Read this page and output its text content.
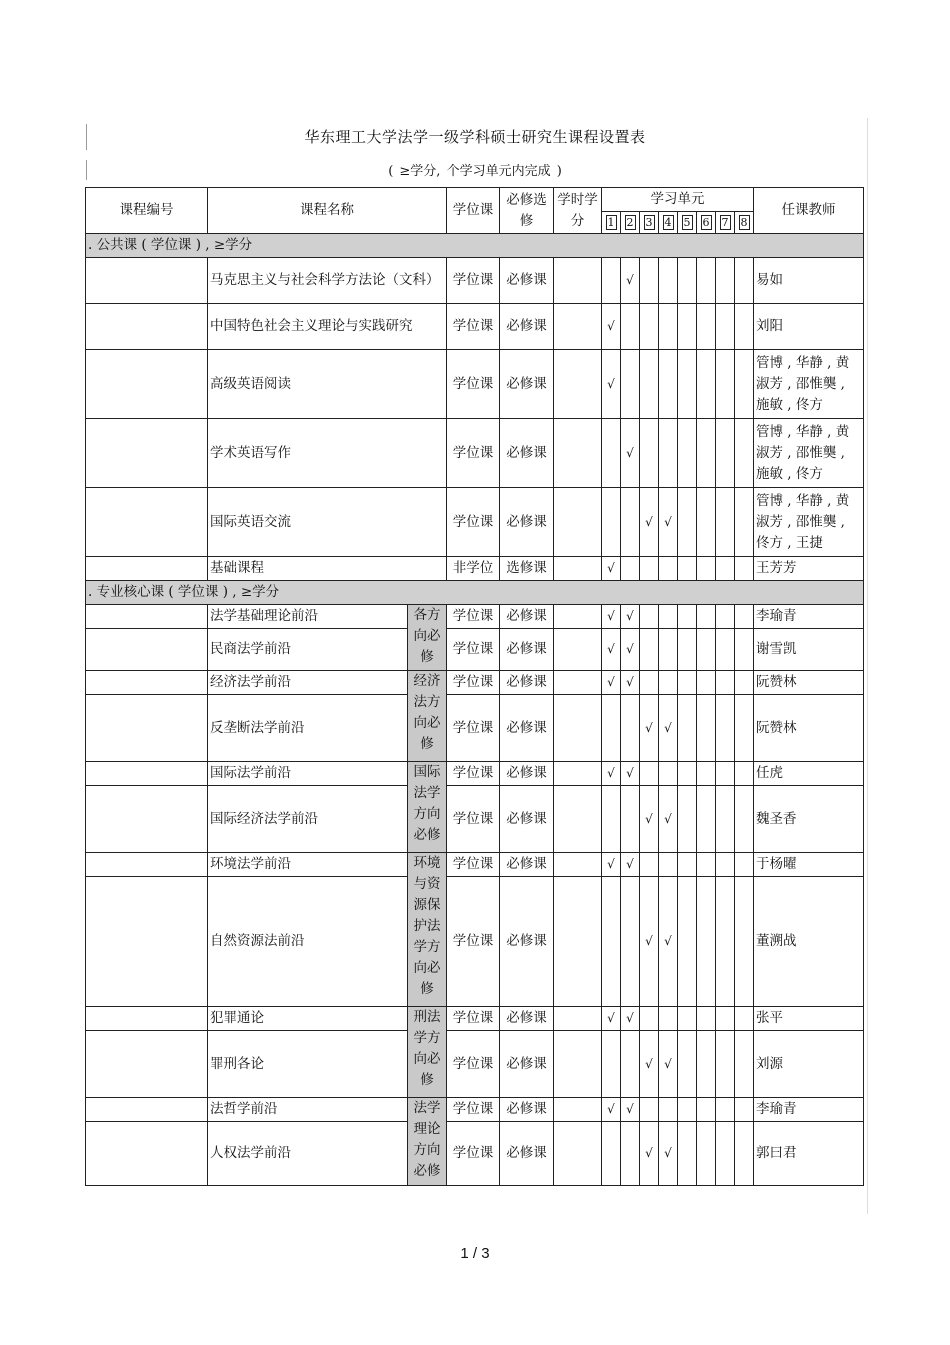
华东理工大学法学一级学科硕士研究生课程设置表
( ≥学分, 个学习单元内完成 )
课程编号	课程名称		学位课	必修选修	学时学分	学习单元								任课教师
						1	2	3	4	5	6	7	8	
. 公共课 ( 学位课 ) , ≥学分														
	马克思主义与社会科学方法论（文科）		学位课	必修课			√							易如
	中国特色社会主义理论与实践研究		学位课	必修课		√								刘阳
	高级英语阅读		学位课	必修课		√								管博 , 华静 , 黄淑芳 , 邵惟龑 , 施敏 , 佟方
	学术英语写作		学位课	必修课			√							管博 , 华静 , 黄淑芳 , 邵惟龑 , 施敏 , 佟方
	国际英语交流		学位课	必修课				√	√					管博 , 华静 , 黄淑芳 , 邵惟龑 , 佟方 , 王捷
	基础课程		非学位	选修课		√								王芳芳
. 专业核心课 ( 学位课 ) , ≥学分														
	法学基础理论前沿	各方向必修	学位课	必修课		√	√							李瑜青
	民商法学前沿		学位课	必修课		√	√							谢雪凯
	经济法学前沿	经济法方向必修	学位课	必修课		√	√							阮赞林
	反垄断法学前沿		学位课	必修课				√	√					阮赞林
	国际法学前沿	国际法学方向必修	学位课	必修课		√	√							任虎
	国际经济法学前沿		学位课	必修课				√	√					魏圣香
	环境法学前沿	环境与资源保护法学方向必修	学位课	必修课		√	√							于杨曜
	自然资源法前沿		学位课	必修课				√	√					董溯战
	犯罪通论	刑法学方向必修	学位课	必修课		√	√							张平
	罪刑各论		学位课	必修课				√	√					刘源
	法哲学前沿	法学理论方向必修	学位课	必修课		√	√							李瑜青
	人权法学前沿		学位课	必修课				√	√					郭曰君
1 / 3
